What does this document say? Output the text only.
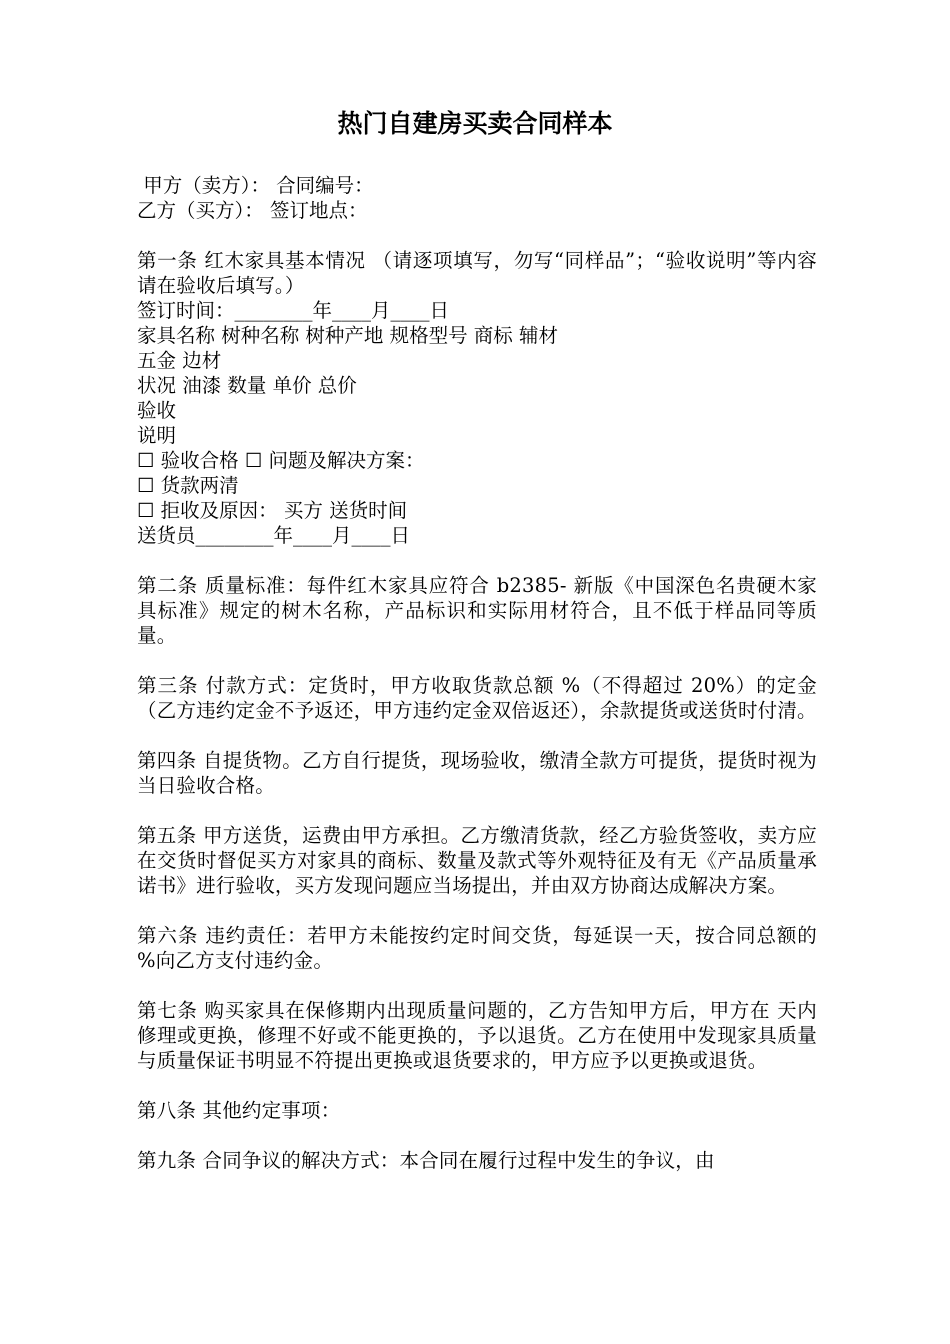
热门自建房买卖合同样本
甲方（卖方）： 合同编号：
乙方（买方）： 签订地点：
第一条 红木家具基本情况 （请逐项填写，勿写“同样品”；“验收说明”等内容请在验收后填写。）
签订时间：________年____月____日
家具名称 树种名称 树种产地 规格型号 商标 辅材
五金 边材
状况 油漆 数量 单价 总价
验收
说明
☐ 验收合格 ☐ 问题及解决方案：
☐ 货款两清
☐ 拒收及原因： 买方 送货时间
送货员________年____月____日
第二条 质量标准：每件红木家具应符合 b2385- 新版《中国深色名贵硬木家具标准》规定的树木名称，产品标识和实际用材符合，且不低于样品同等质量。
第三条 付款方式：定货时，甲方收取货款总额 %（不得超过 20%）的定金（乙方违约定金不予返还，甲方违约定金双倍返还），余款提货或送货时付清。
第四条 自提货物。乙方自行提货，现场验收，缴清全款方可提货，提货时视为当日验收合格。
第五条 甲方送货，运费由甲方承担。乙方缴清货款，经乙方验货签收，卖方应在交货时督促买方对家具的商标、数量及款式等外观特征及有无《产品质量承诺书》进行验收，买方发现问题应当场提出，并由双方协商达成解决方案。
第六条 违约责任：若甲方未能按约定时间交货，每延误一天，按合同总额的 %向乙方支付违约金。
第七条 购买家具在保修期内出现质量问题的，乙方告知甲方后，甲方在 天内修理或更换，修理不好或不能更换的，予以退货。乙方在使用中发现家具质量与质量保证书明显不符提出更换或退货要求的，甲方应予以更换或退货。
第八条 其他约定事项：
第九条 合同争议的解决方式：本合同在履行过程中发生的争议，由
